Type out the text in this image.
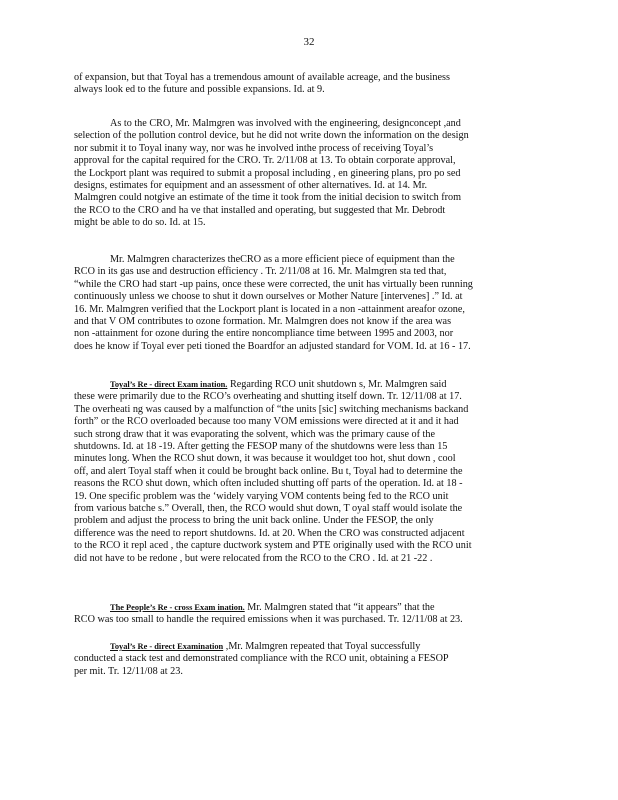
32
of expansion, but that Toyal has a tremendous amount of available acreage, and the business
always look ed to the future and possible expansions. Id. at 9.
As to the CRO, Mr. Malmgren was involved with the engineering, designconcept ,and
selection of the pollution control device, but he did not write down the information on the design
nor submit it to Toyal inany way, nor was he involved inthe process of receiving Toyal’s
approval for the capital required for the CRO. Tr. 2/11/08 at 13. To obtain corporate approval,
the Lockport plant was required to submit a proposal including , en gineering plans, pro po sed
designs, estimates for equipment and an assessment of other alternatives. Id. at 14. Mr.
Malmgren could notgive an estimate of the time it took from the initial decision to switch from
the RCO to the CRO and ha ve that installed and operating, but suggested that Mr. Debrodt
might be able to do so. Id. at 15.
Mr. Malmgren characterizes theCRO as a more efficient piece of equipment than the
RCO in its gas use and destruction efficiency . Tr. 2/11/08 at 16. Mr. Malmgren sta ted that,
“while the CRO had start -up pains, once these were corrected, the unit has virtually been running
continuously unless we choose to shut it down ourselves or Mother Nature [intervenes] .” Id. at
16. Mr. Malmgren verified that the Lockport plant is located in a non -attainment areafor ozone,
and that V OM contributes to ozone formation. Mr. Malmgren does not know if the area was
non -attainment for ozone during the entire noncompliance time between 1995 and 2003, nor
does he know if Toyal ever peti tioned the Boardfor an adjusted standard for VOM. Id. at 16 - 17.
Toyal’s Re - direct Exam ination. Regarding RCO unit shutdown s, Mr. Malmgren said
these were primarily due to the RCO’s overheating and shutting itself down. Tr. 12/11/08 at 17.
The overheati ng was caused by a malfunction of “the units [sic] switching mechanisms backand
forth” or the RCO overloaded because too many VOM emissions were directed at it and it had
such strong draw that it was evaporating the solvent, which was the primary cause of the
shutdowns. Id. at 18 -19. After getting the FESOP many of the shutdowns were less than 15
minutes long. When the RCO shut down, it was because it wouldget too hot, shut down , cool
off, and alert Toyal staff when it could be brought back online. Bu t, Toyal had to determine the
reasons the RCO shut down, which often included shutting off parts of the operation. Id. at 18 -
19. One specific problem was the ‘widely varying VOM contents being fed to the RCO unit
from various batche s.” Overall, then, the RCO would shut down, T oyal staff would isolate the
problem and adjust the process to bring the unit back online. Under the FESOP, the only
difference was the need to report shutdowns. Id. at 20. When the CRO was constructed adjacent
to the RCO it repl aced , the capture ductwork system and PTE originally used with the RCO unit
did not have to be redone , but were relocated from the RCO to the CRO . Id. at 21 -22 .
The People’s Re - cross Exam ination. Mr. Malmgren stated that “it appears” that the
RCO was too small to handle the required emissions when it was purchased. Tr. 12/11/08 at 23.
Toyal’s Re - direct Examination ,Mr. Malmgren repeated that Toyal successfully
conducted a stack test and demonstrated compliance with the RCO unit, obtaining a FESOP
per mit. Tr. 12/11/08 at 23.
